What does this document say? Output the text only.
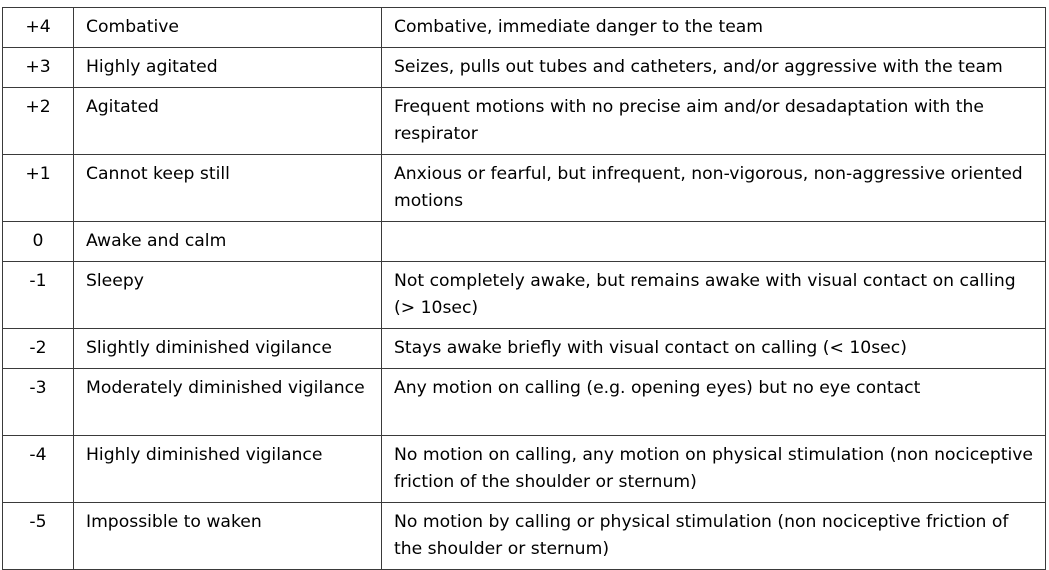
+4	Combative	Combative, immediate danger to the team
+3	Highly agitated	Seizes, pulls out tubes and catheters, and/or aggressive with the team
+2	Agitated	Frequent motions with no precise aim and/or desadaptation with the respirator
+1	Cannot keep still	Anxious or fearful, but infrequent, non-vigorous, non-aggressive oriented motions
0	Awake and calm	
-1	Sleepy	Not completely awake, but remains awake with visual contact on calling (> 10sec)
-2	Slightly diminished vigilance	Stays awake briefly with visual contact on calling (< 10sec)
-3	Moderately diminished vigilance	Any motion on calling (e.g. opening eyes) but no eye contact
-4	Highly diminished vigilance	No motion on calling, any motion on physical stimulation (non nociceptive friction of the shoulder or sternum)
-5	Impossible to waken	No motion by calling or physical stimulation (non nociceptive friction of the shoulder or sternum)
